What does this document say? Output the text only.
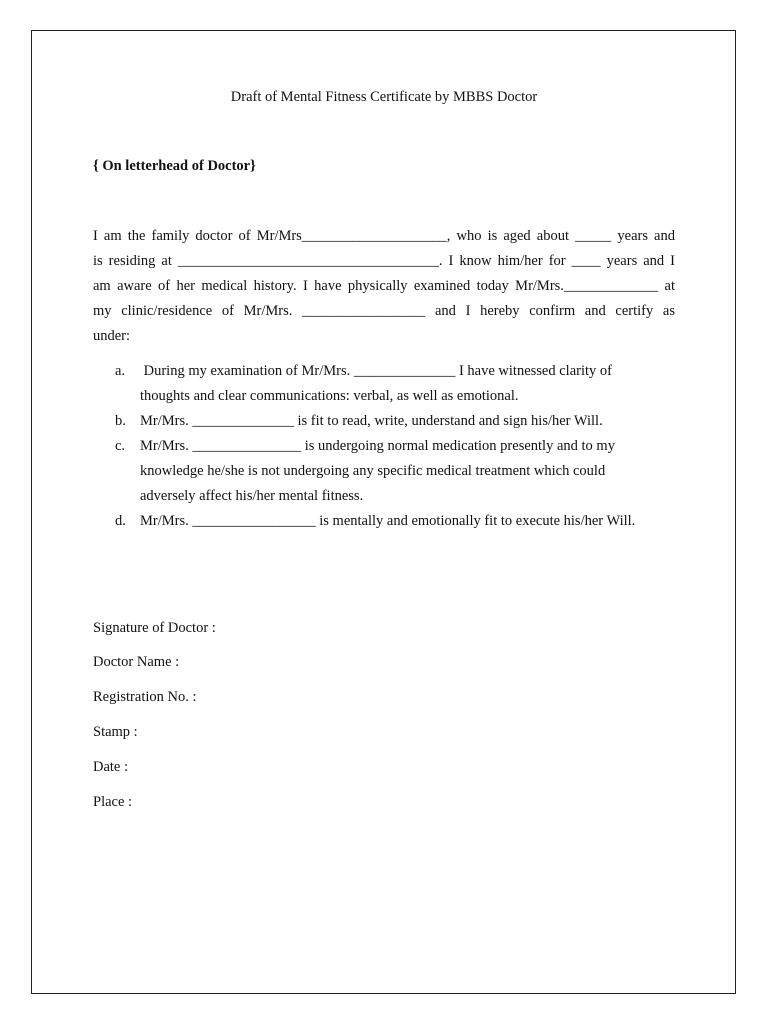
Draft of Mental Fitness Certificate by MBBS Doctor
{ On letterhead of Doctor}
I am the family doctor of Mr/Mrs____________________, who is aged about _____ years and
is residing at ____________________________________. I know him/her for ____ years and I
am aware of her medical history. I have physically examined today Mr/Mrs._____________ at
my clinic/residence of Mr/Mrs. _________________ and I hereby confirm and certify as
under:
a. During my examination of Mr/Mrs. ______________ I have witnessed clarity of
thoughts and clear communications: verbal, as well as emotional.
b. Mr/Mrs. ______________ is fit to read, write, understand and sign his/her Will.
c. Mr/Mrs. _______________ is undergoing normal medication presently and to my
knowledge he/she is not undergoing any specific medical treatment which could
adversely affect his/her mental fitness.
d. Mr/Mrs. _________________ is mentally and emotionally fit to execute his/her Will.
Signature of Doctor :
Doctor Name :
Registration No. :
Stamp :
Date :
Place :
